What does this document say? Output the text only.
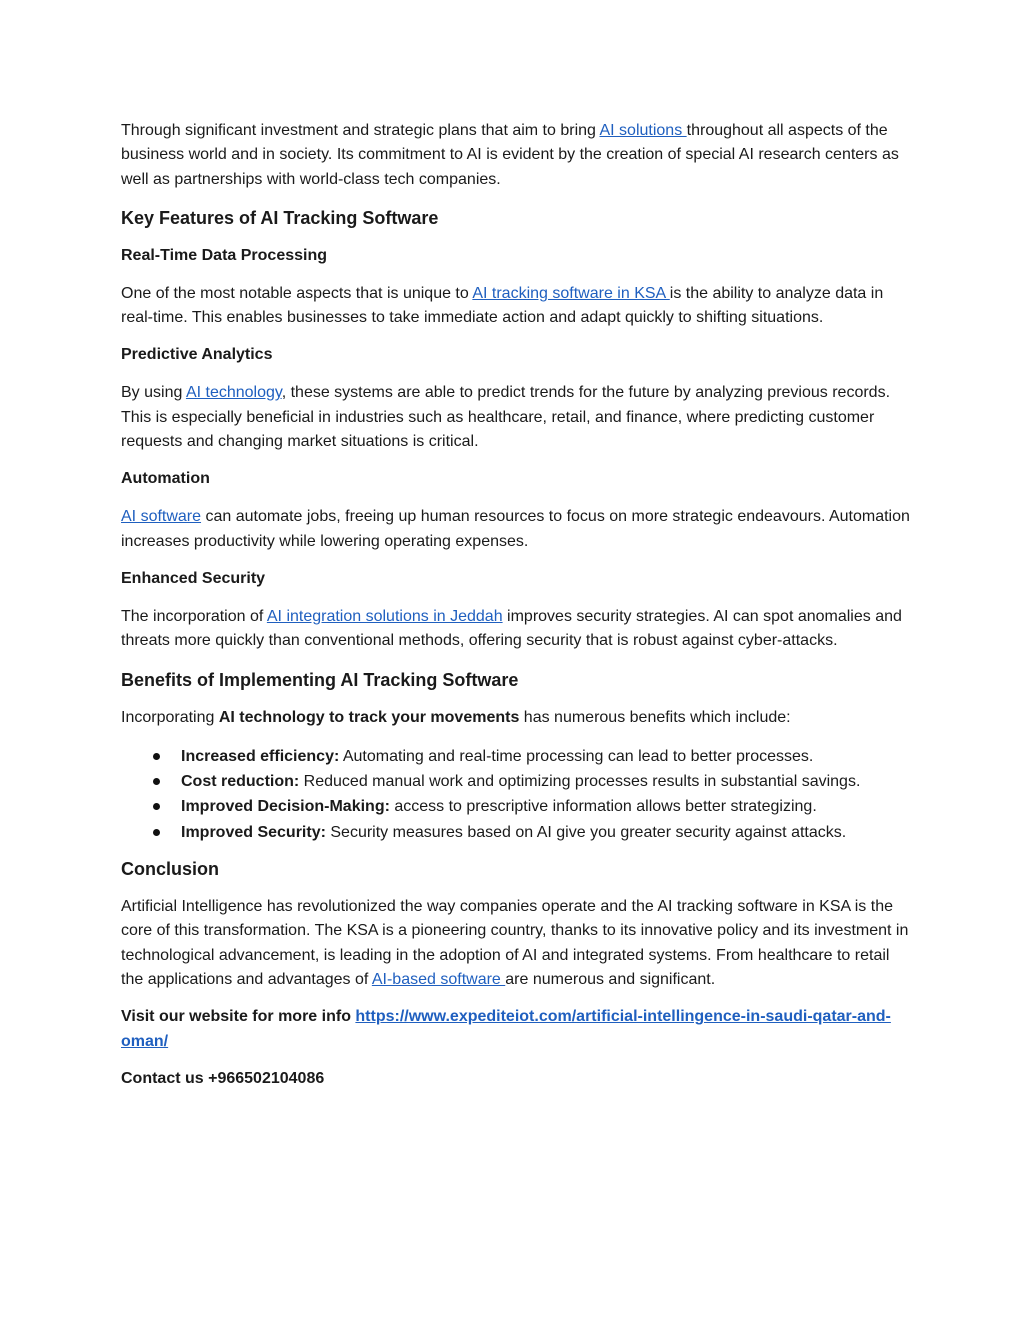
Through significant investment and strategic plans that aim to bring AI solutions throughout all aspects of the business world and in society. Its commitment to AI is evident by the creation of special AI research centers as well as partnerships with world-class tech companies.

Key Features of AI Tracking Software
Real-Time Data Processing

One of the most notable aspects that is unique to AI tracking software in KSA is the ability to analyze data in real-time. This enables businesses to take immediate action and adapt quickly to shifting situations.

Predictive Analytics

By using AI technology, these systems are able to predict trends for the future by analyzing previous records. This is especially beneficial in industries such as healthcare, retail, and finance, where predicting customer requests and changing market situations is critical.

Automation

AI software can automate jobs, freeing up human resources to focus on more strategic endeavours. Automation increases productivity while lowering operating expenses.

Enhanced Security

The incorporation of AI integration solutions in Jeddah improves security strategies. AI can spot anomalies and threats more quickly than conventional methods, offering security that is robust against cyber-attacks.

Benefits of Implementing AI Tracking Software

Incorporating AI technology to track your movements has numerous benefits which include:

Increased efficiency: Automating and real-time processing can lead to better processes.
Cost reduction: Reduced manual work and optimizing processes results in substantial savings.
Improved Decision-Making: access to prescriptive information allows better strategizing.
Improved Security: Security measures based on AI give you greater security against attacks.
Conclusion

Artificial Intelligence has revolutionized the way companies operate and the AI tracking software in KSA is the core of this transformation. The KSA is a pioneering country, thanks to its innovative policy and its investment in technological advancement, is leading in the adoption of AI and integrated systems. From healthcare to retail the applications and advantages of AI-based software are numerous and significant.

Visit our website for more info https://www.expediteiot.com/artificial-intellingence-in-saudi-qatar-and-oman/

Contact us +966502104086
